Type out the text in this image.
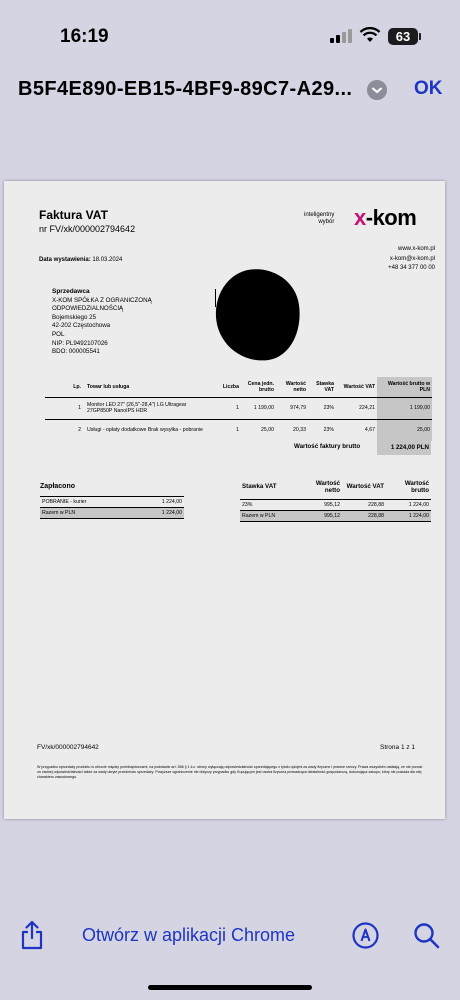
16:19	63
B5F4E890-EB15-4BF9-89C7-A29...	OK
Faktura VAT
nr FV/xk/000002794642
inteligentny
wybór x-kom
www.x-kom.pl
x-kom@x-kom.pl
+48 34 377 00 00
Data wystawienia: 18.03.2024
Sprzedawca
X-KOM SPÓŁKA Z OGRANICZONĄ
ODPOWIEDZIALNOŚCIĄ
Bojemskiego 25
42-202 Częstochowa
POL
NIP: PL9492107026
BDO: 000005541
Lp.	Towar lub usługa	Liczba	Cena jedn. brutto	Wartość netto	Stawka VAT	Wartość VAT	Wartość brutto w PLN
1	Monitor LED 27" (26,5"-28,4") LG Ultragear 27GP850P NanoIPS HDR	1	1 199,00	974,79	23%	224,21	1 199,00
2	Usługi - opłaty dodatkowe Brak wysyłka - pobranie	1	25,00	20,33	23%	4,67	25,00
Wartość faktury brutto	1 224,00 PLN
Zapłacono	
POBRANIE - kurier	1 224,00
Razem w PLN	1 224,00
Stawka VAT	Wartość netto	Wartość VAT	Wartość brutto
23%	995,12	228,88	1 224,00
Razem w PLN	995,12	228,88	1 224,00
FV/xk/000002794642	Strona 1 z 1
W przypadku sprzedaży produktu w obrocie między przedsiębiorcami, na podstawie art. 558 § 1 k.c. strony wyłączają odpowiedzialność sprzedającego z tytułu rękojmi za wady fizyczne i prawne rzeczy. Prawa wszystkim ustalają, że nie ponosi on żadnej odpowiedzialności także za wady ukryte przedmiotu sprzedaży. Powyższe ograniczenie nie dotyczy przypadku gdy Kupującym jest osoba fizyczna prowadząca działalność gospodarczą, dokonująca zakupu, który nie posiada dla niej charakteru zawodowego.
Otwórz w aplikacji Chrome
